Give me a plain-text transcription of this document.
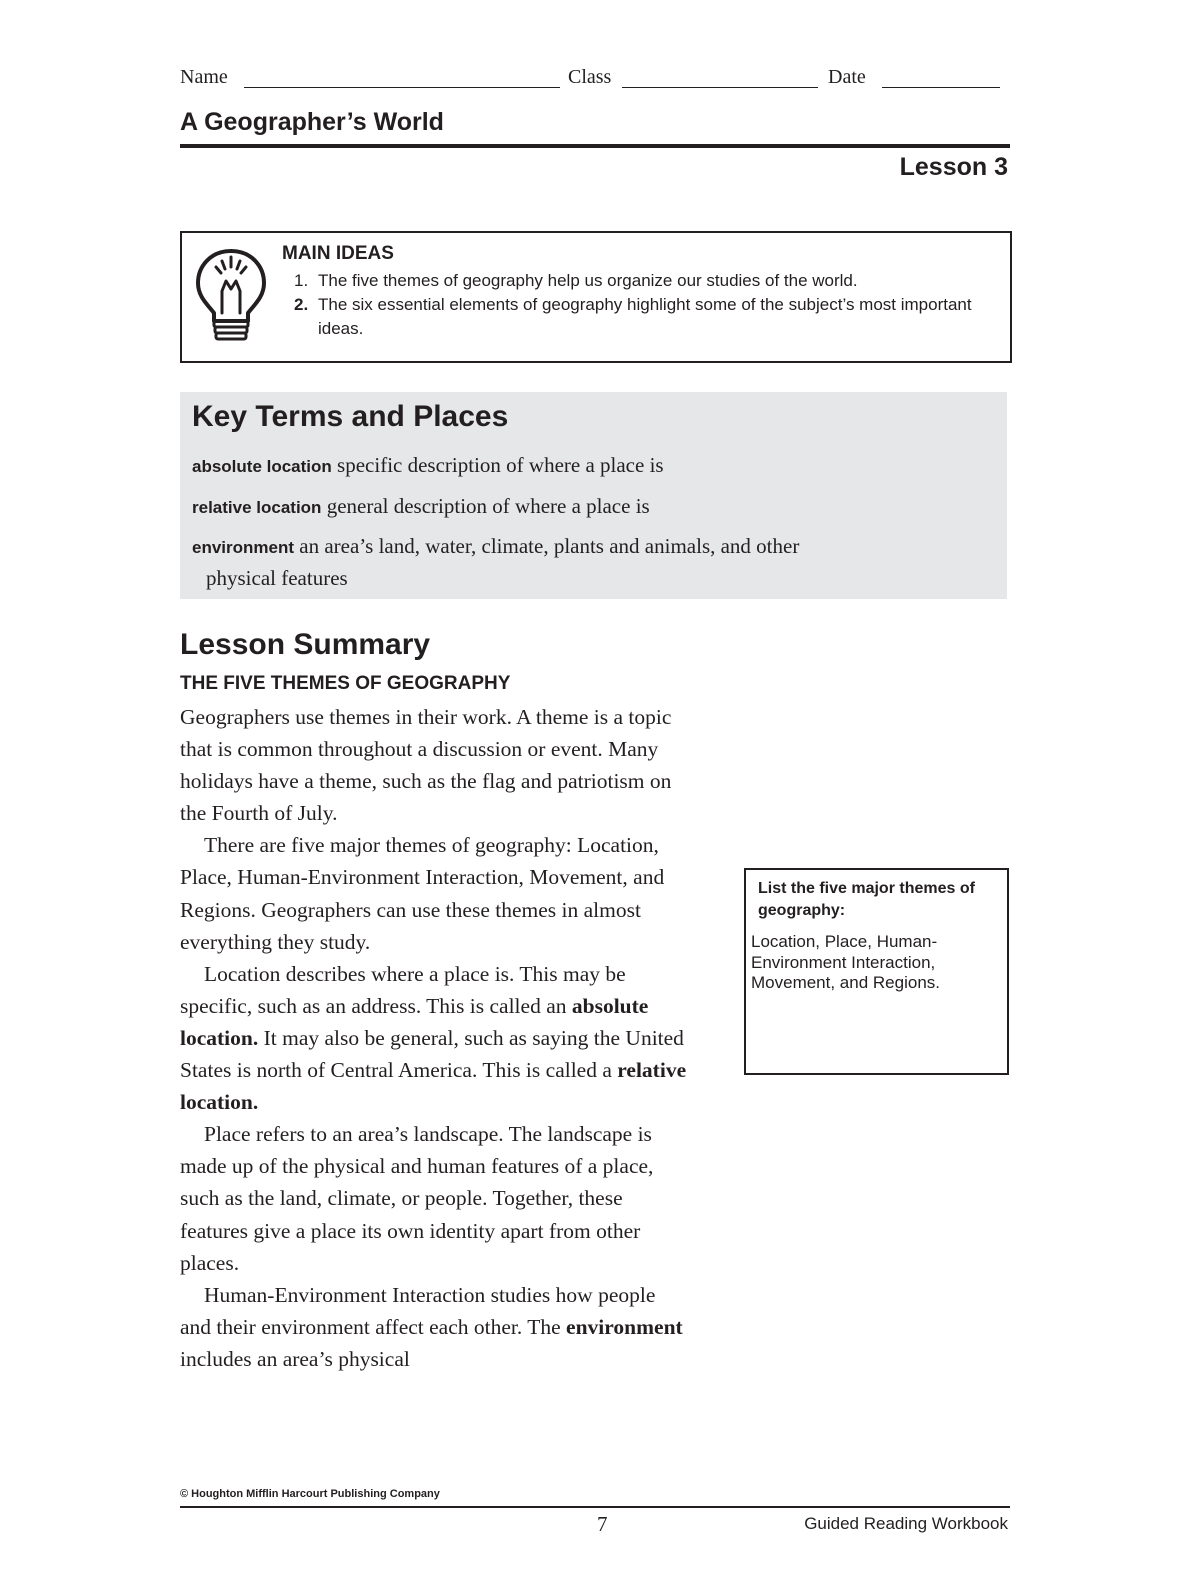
Name	Class	Date
A Geographer’s World
Lesson 3
MAIN IDEAS
1. The five themes of geography help us organize our studies of the world.
2. The six essential elements of geography highlight some of the subject’s most important ideas.
Key Terms and Places
absolute location specific description of where a place is
relative location general description of where a place is
environment an area’s land, water, climate, plants and animals, and other
physical features
Lesson Summary
THE FIVE THEMES OF GEOGRAPHY

Geographers use themes in their work. A theme is a topic that is common throughout a discussion or event. Many holidays have a theme, such as the flag and patriotism on the Fourth of July.

There are five major themes of geography: Location, Place, Human-Environment Interaction, Movement, and Regions. Geographers can use these themes in almost everything they study.

Location describes where a place is. This may be specific, such as an address. This is called an absolute location. It may also be general, such as saying the United States is north of Central America. This is called a relative location.

Place refers to an area’s landscape. The landscape is made up of the physical and human features of a place, such as the land, climate, or people. Together, these features give a place its own identity apart from other places.

Human-Environment Interaction studies how people and their environment affect each other. The environment includes an area’s physical

List the five major themes of geography:
Location, Place, Human-Environment Interaction, Movement, and Regions.
© Houghton Mifflin Harcourt Publishing Company
7	Guided Reading Workbook
